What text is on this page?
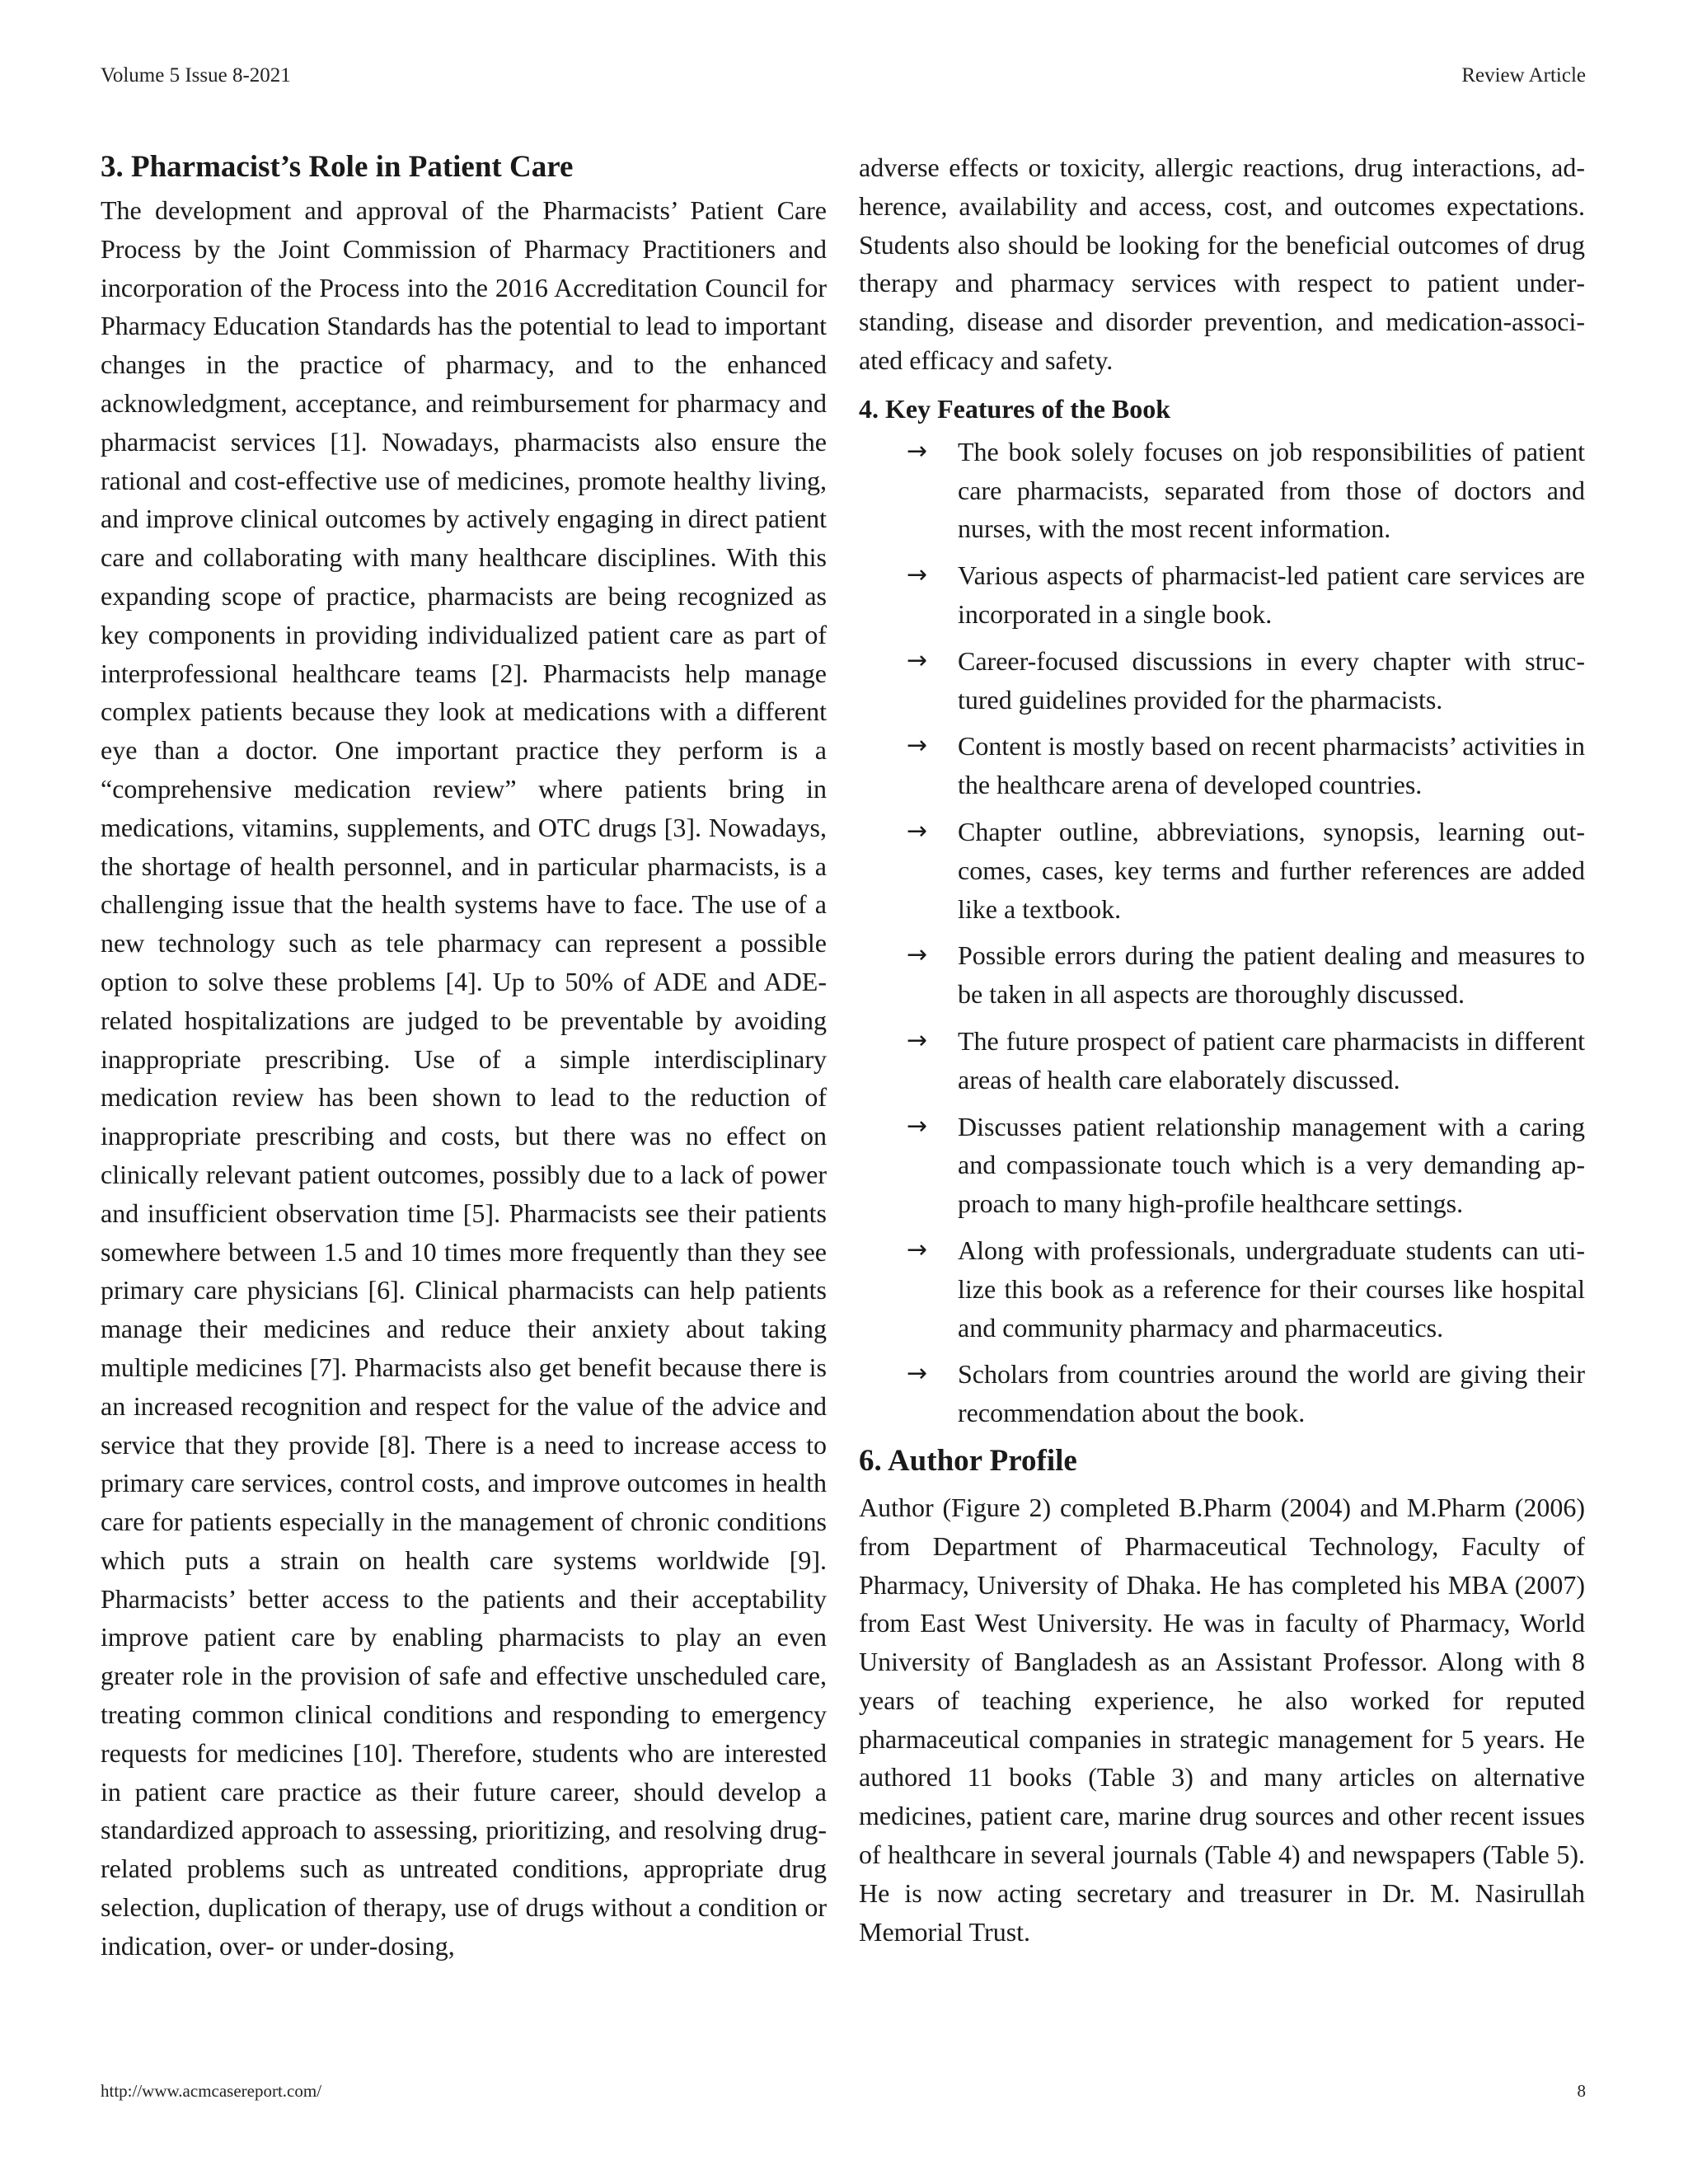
Volume 5 Issue 8-2021	Review Article
3. Pharmacist’s Role in Patient Care

The development and approval of the Pharmacists’ Patient Care Process by the Joint Commission of Pharmacy Practitioners and incorporation of the Process into the 2016 Accreditation Council for Pharmacy Education Standards has the potential to lead to important changes in the practice of pharmacy, and to the enhanced acknowledgment, acceptance, and reimbursement for pharmacy and pharmacist services [1]. Nowadays, pharmacists also ensure the rational and cost-effective use of medicines, promote healthy living, and improve clinical outcomes by actively engaging in direct patient care and collaborating with many healthcare disciplines. With this expanding scope of practice, pharmacists are being recognized as key components in providing individualized patient care as part of interprofessional healthcare teams [2]. Pharmacists help manage complex patients because they look at medications with a different eye than a doctor. One important practice they perform is a “comprehensive medication review” where patients bring in medications, vitamins, supplements, and OTC drugs [3]. Nowadays, the shortage of health personnel, and in particular pharmacists, is a challenging issue that the health systems have to face. The use of a new technology such as tele pharmacy can represent a possible option to solve these problems [4]. Up to 50% of ADE and ADE-related hospitalizations are judged to be preventable by avoiding inappropriate prescribing. Use of a simple interdisciplinary medication review has been shown to lead to the reduction of inappropriate prescribing and costs, but there was no effect on clinically relevant patient outcomes, possibly due to a lack of power and insufficient observation time [5]. Pharmacists see their patients somewhere between 1.5 and 10 times more frequently than they see primary care physicians [6]. Clinical pharmacists can help patients manage their medicines and reduce their anxiety about taking multiple medicines [7]. Pharmacists also get benefit because there is an increased recognition and respect for the value of the advice and service that they provide [8]. There is a need to increase access to primary care services, control costs, and improve outcomes in health care for patients especially in the management of chronic conditions which puts a strain on health care systems worldwide [9]. Pharmacists’ better access to the patients and their acceptability improve patient care by enabling pharmacists to play an even greater role in the provision of safe and effective unscheduled care, treating common clinical conditions and responding to emergency requests for medicines [10]. Therefore, students who are interested in patient care practice as their future career, should develop a standardized approach to assessing, prioritizing, and resolving drug-related problems such as untreated conditions, appropriate drug selection, duplication of therapy, use of drugs without a condition or indication, over- or under-dosing,

adverse effects or toxicity, allergic reactions, drug interactions, adherence, availability and access, cost, and outcomes expectations. Students also should be looking for the beneficial outcomes of drug therapy and pharmacy services with respect to patient understanding, disease and disorder prevention, and medication-associated efficacy and safety.

4. Key Features of the Book
→ The book solely focuses on job responsibilities of patient care pharmacists, separated from those of doctors and nurses, with the most recent information.
→ Various aspects of pharmacist-led patient care services are incorporated in a single book.
→ Career-focused discussions in every chapter with structured guidelines provided for the pharmacists.
→ Content is mostly based on recent pharmacists’ activities in the healthcare arena of developed countries.
→ Chapter outline, abbreviations, synopsis, learning outcomes, cases, key terms and further references are added like a textbook.
→ Possible errors during the patient dealing and measures to be taken in all aspects are thoroughly discussed.
→ The future prospect of patient care pharmacists in different areas of health care elaborately discussed.
→ Discusses patient relationship management with a caring and compassionate touch which is a very demanding approach to many high-profile healthcare settings.
→ Along with professionals, undergraduate students can utilize this book as a reference for their courses like hospital and community pharmacy and pharmaceutics.
→ Scholars from countries around the world are giving their recommendation about the book.
6. Author Profile

Author (Figure 2) completed B.Pharm (2004) and M.Pharm (2006) from Department of Pharmaceutical Technology, Faculty of Pharmacy, University of Dhaka. He has completed his MBA (2007) from East West University. He was in faculty of Pharmacy, World University of Bangladesh as an Assistant Professor. Along with 8 years of teaching experience, he also worked for reputed pharmaceutical companies in strategic management for 5 years. He authored 11 books (Table 3) and many articles on alternative medicines, patient care, marine drug sources and other recent issues of healthcare in several journals (Table 4) and newspapers (Table 5). He is now acting secretary and treasurer in Dr. M. Nasirullah Memorial Trust.

http://www.acmcasereport.com/	8
